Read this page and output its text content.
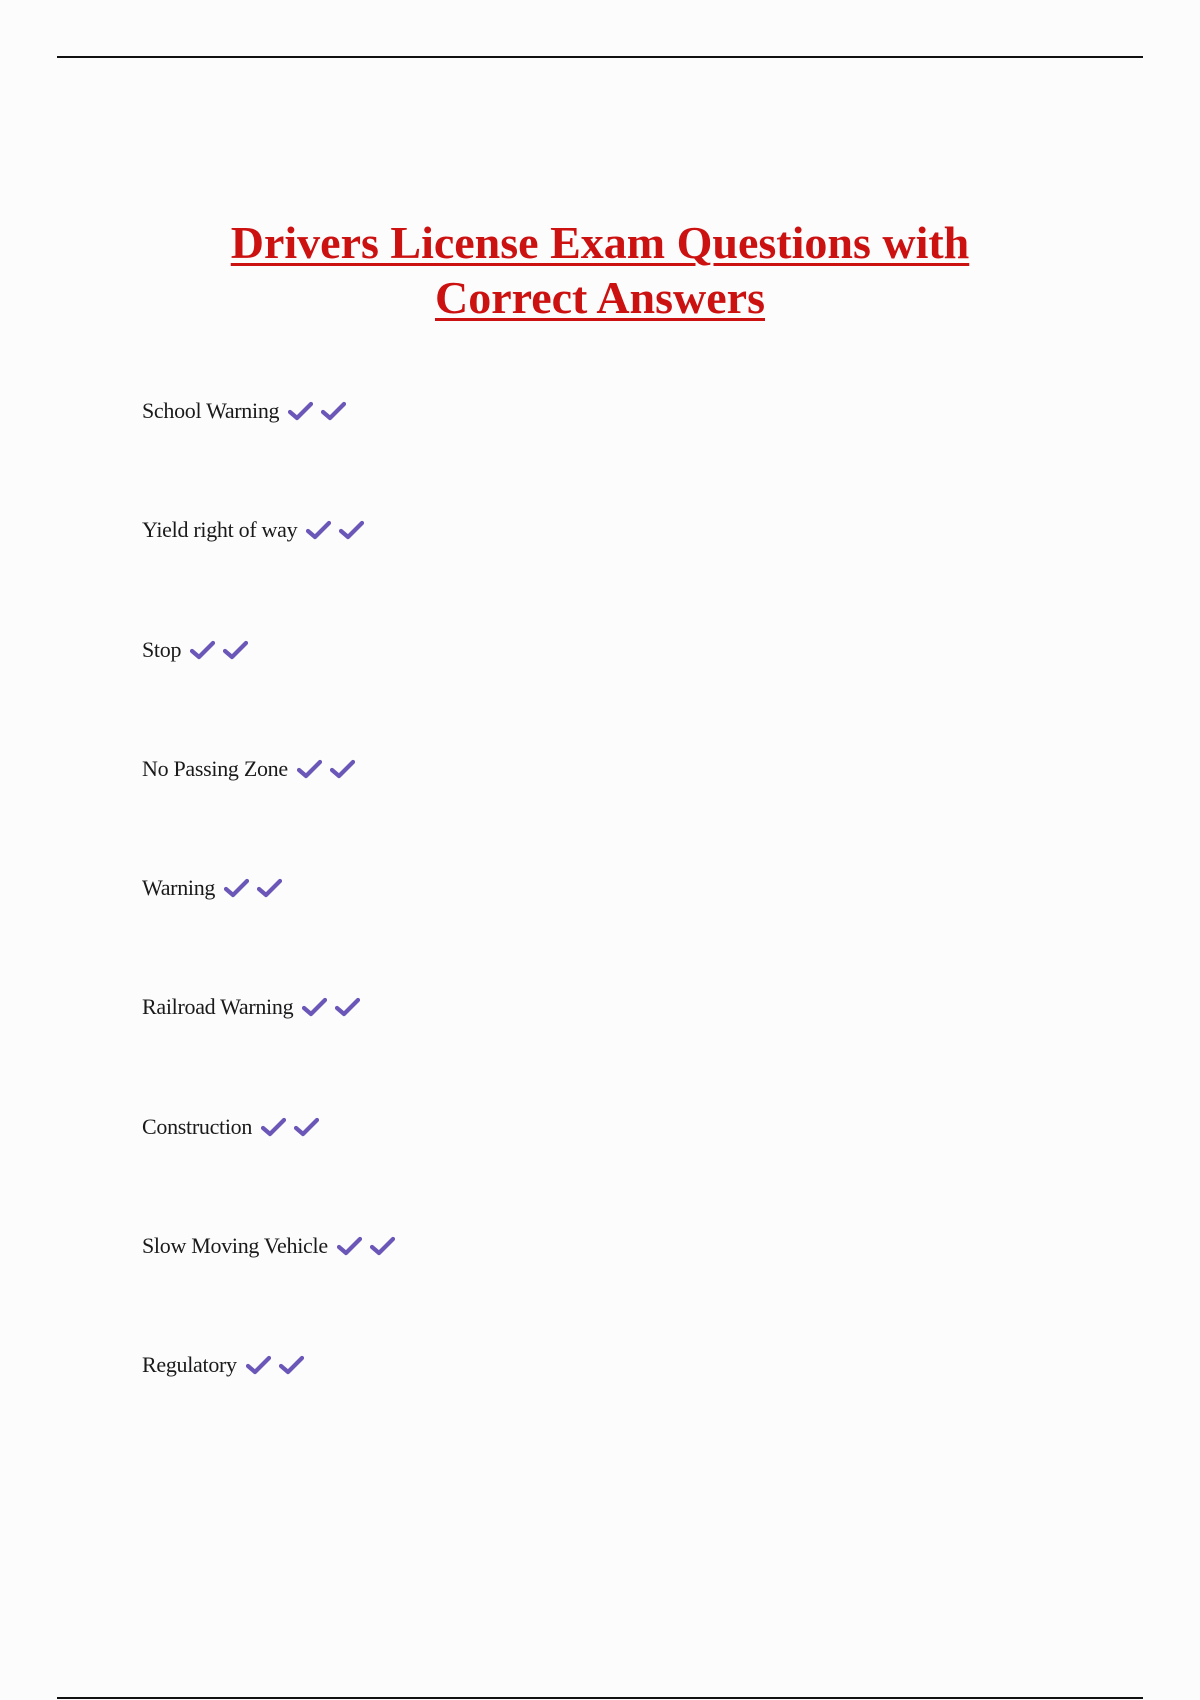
Drivers License Exam Questions with
Correct Answers
School Warning
Yield right of way
Stop
No Passing Zone
Warning
Railroad Warning
Construction
Slow Moving Vehicle
Regulatory
